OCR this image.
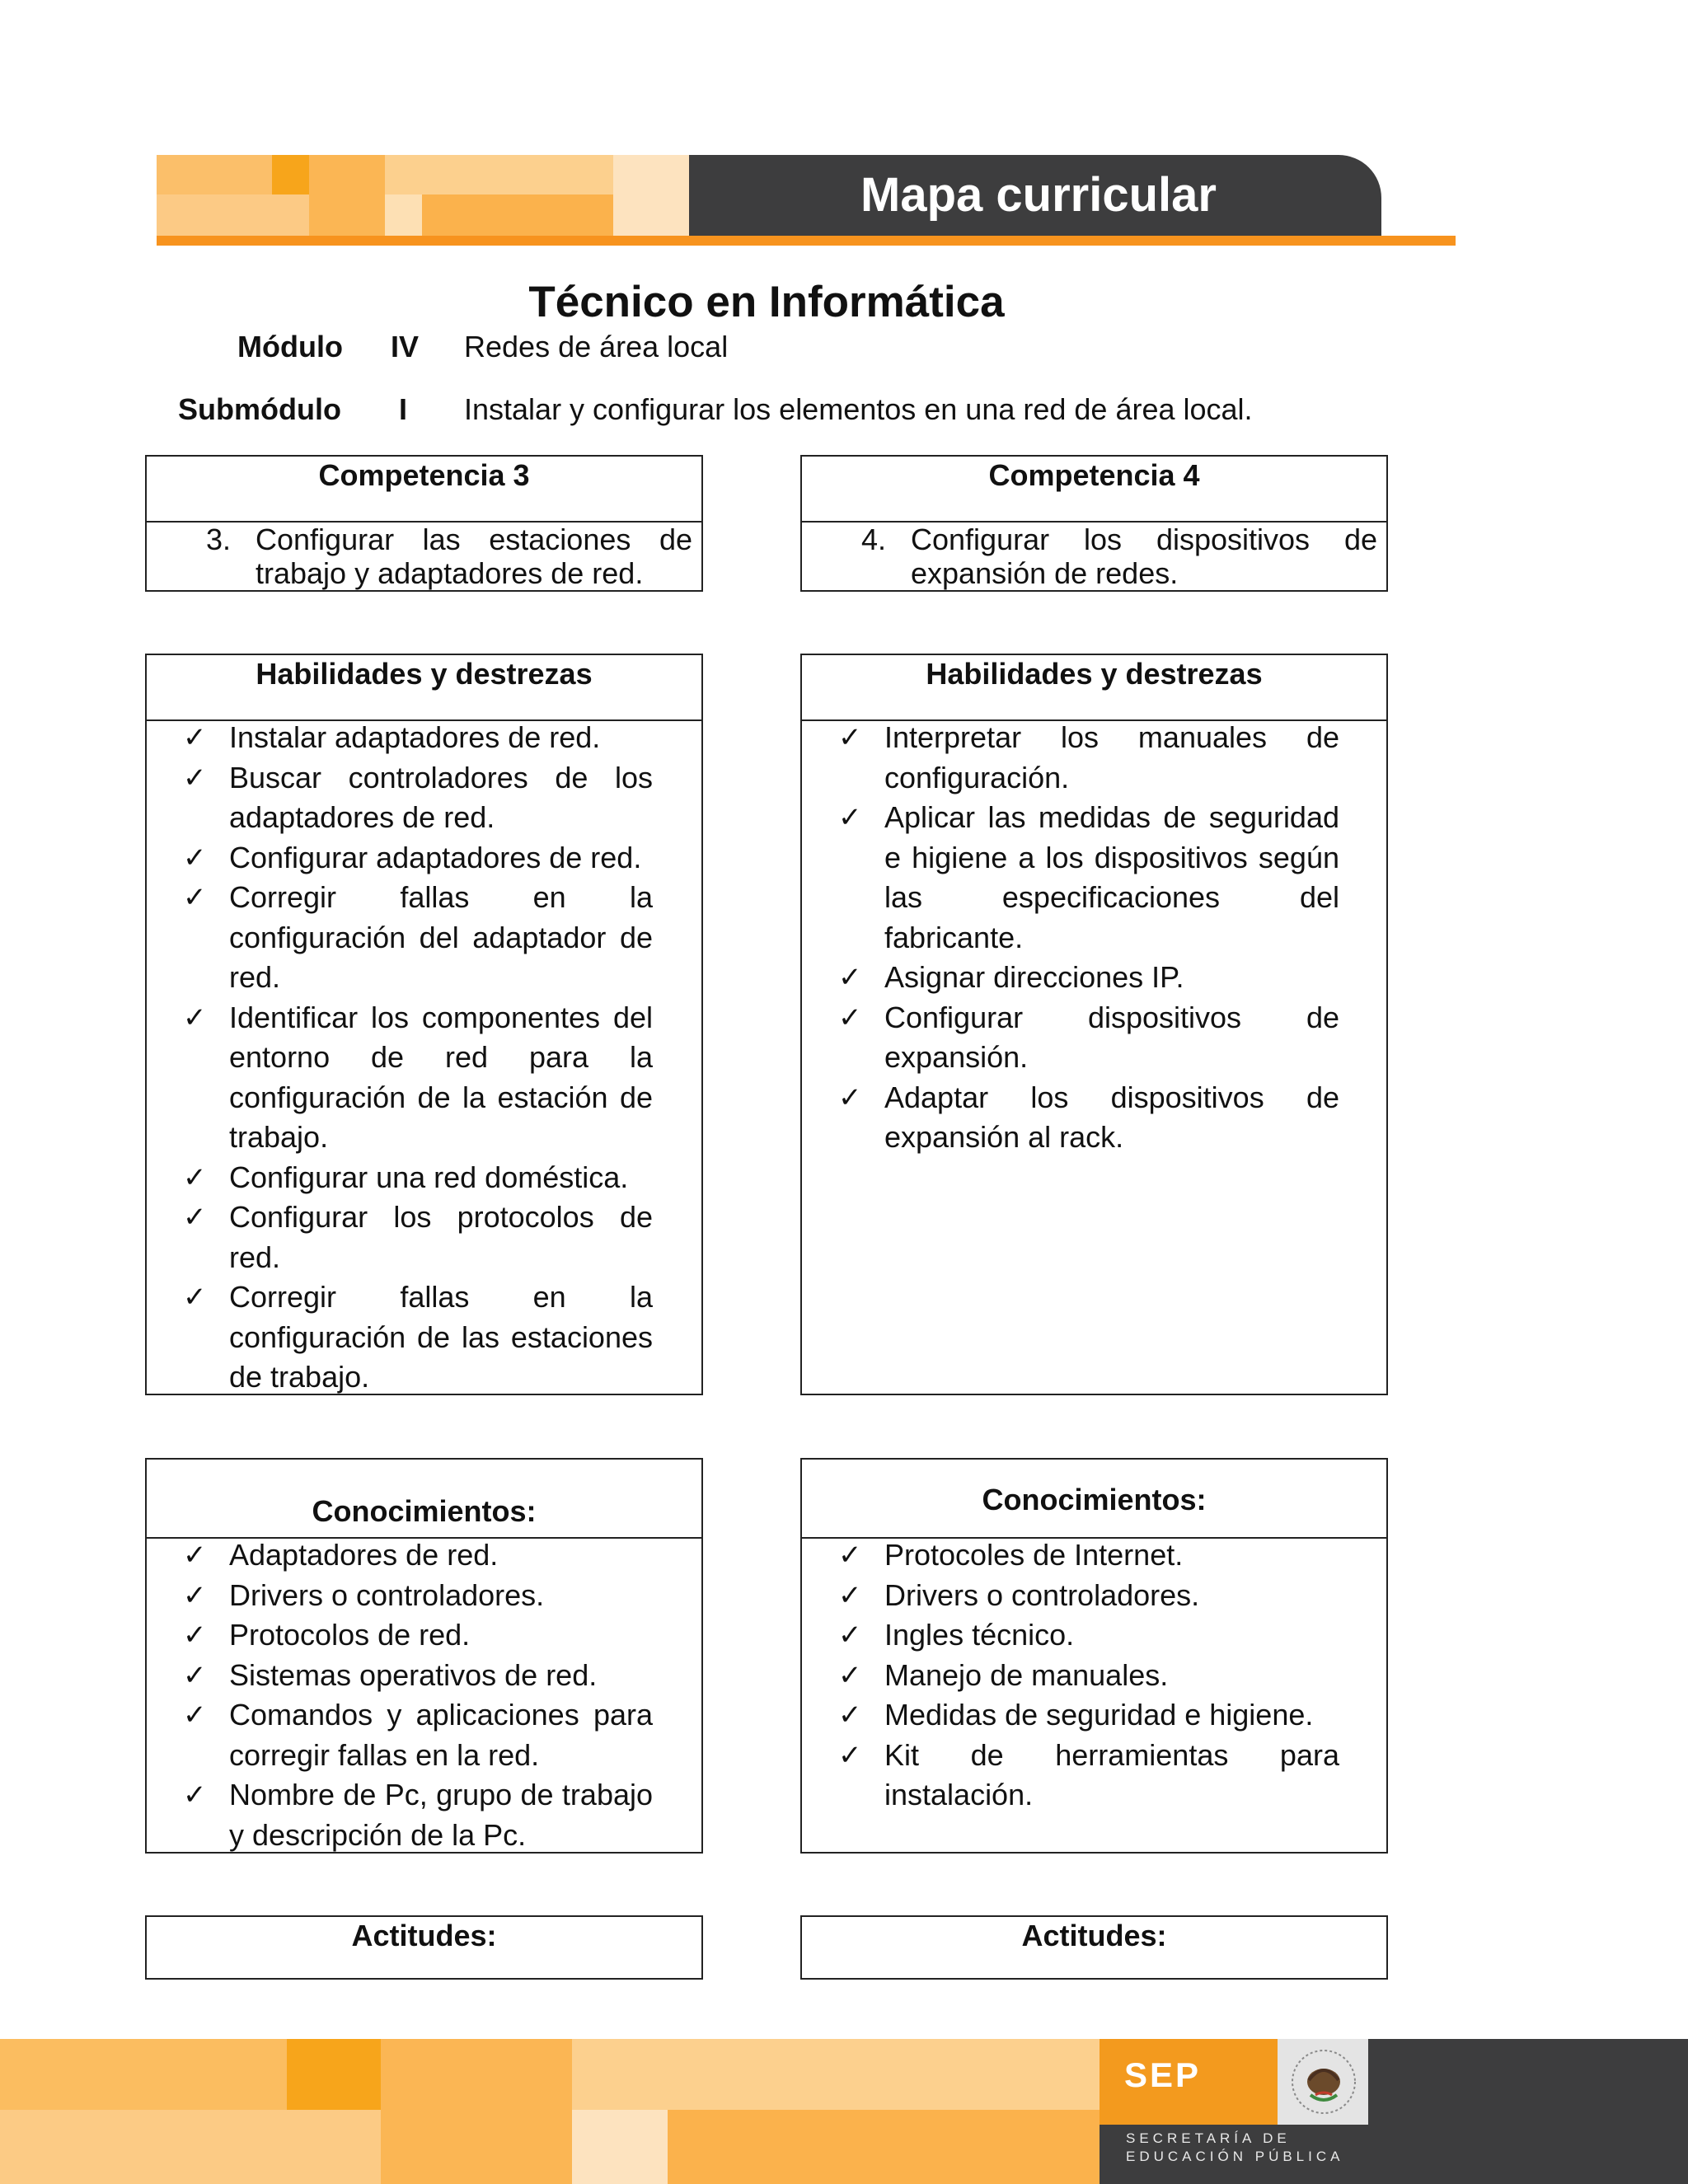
Mapa curricular
Técnico en Informática
Módulo IV Redes de área local
Submódulo I Instalar y configurar los elementos en una red de área local.
Competencia 3
3. Configurar las estaciones de trabajo y adaptadores de red.
Habilidades y destrezas
✓ Instalar adaptadores de red.
✓ Buscar controladores de los adaptadores de red.
✓ Configurar adaptadores de red.
✓ Corregir fallas en la configuración del adaptador de red.
✓ Identificar los componentes del entorno de red para la configuración de la estación de trabajo.
✓ Configurar una red doméstica.
✓ Configurar los protocolos de red.
✓ Corregir fallas en la configuración de las estaciones de trabajo.
Conocimientos:
✓ Adaptadores de red.
✓ Drivers o controladores.
✓ Protocolos de red.
✓ Sistemas operativos de red.
✓ Comandos y aplicaciones para corregir fallas en la red.
✓ Nombre de Pc, grupo de trabajo y descripción de la Pc.
Actitudes:
Competencia 4
4. Configurar los dispositivos de expansión de redes.
Habilidades y destrezas
✓ Interpretar los manuales de configuración.
✓ Aplicar las medidas de seguridad e higiene a los dispositivos según las especificaciones del fabricante.
✓ Asignar direcciones IP.
✓ Configurar dispositivos de expansión.
✓ Adaptar los dispositivos de expansión al rack.
Conocimientos:
✓ Protocoles de Internet.
✓ Drivers o controladores.
✓ Ingles técnico.
✓ Manejo de manuales.
✓ Medidas de seguridad e higiene.
✓ Kit de herramientas para instalación.
Actitudes:
SEP
SECRETARÍA DE
EDUCACIÓN PÚBLICA
